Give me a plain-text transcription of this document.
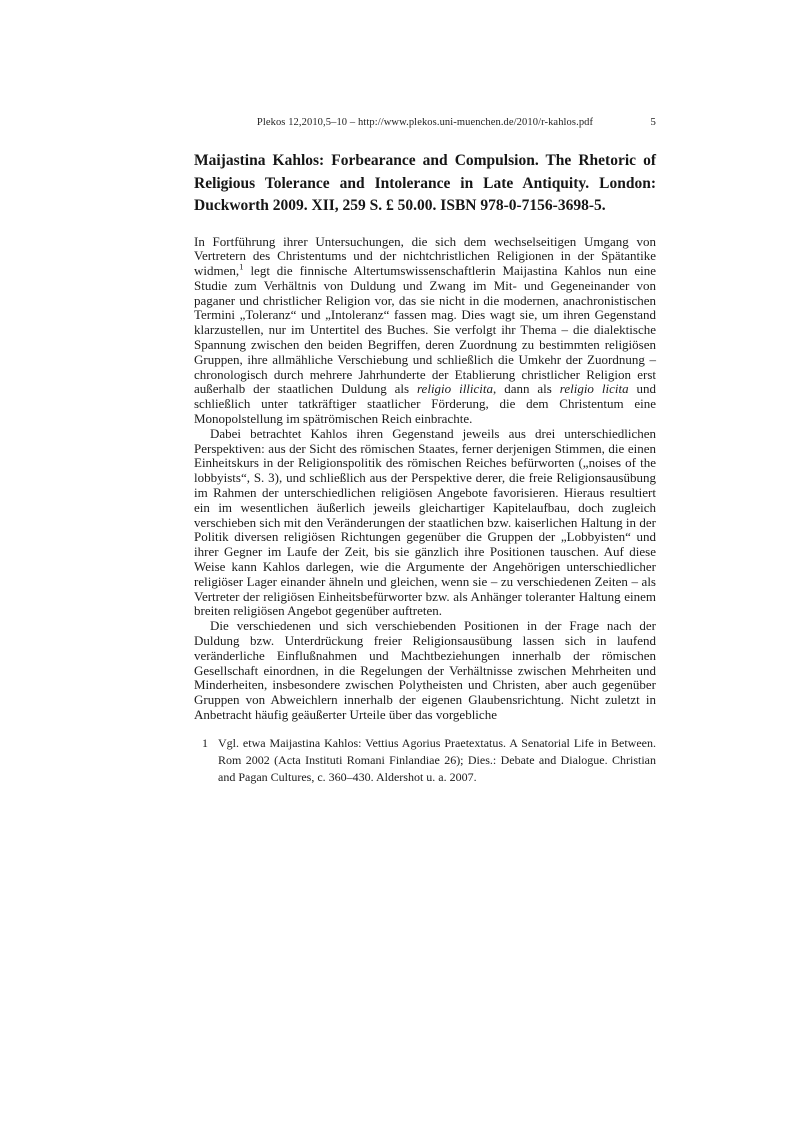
Plekos 12,2010,5–10 – http://www.plekos.uni-muenchen.de/2010/r-kahlos.pdf	5
Maijastina Kahlos: Forbearance and Compulsion. The Rhetoric of Religious Tolerance and Intolerance in Late Antiquity. London: Duckworth 2009. XII, 259 S. £ 50.00. ISBN 978-0-7156-3698-5.

In Fortführung ihrer Untersuchungen, die sich dem wechselseitigen Umgang von Vertretern des Christentums und der nichtchristlichen Religionen in der Spätantike widmen,$^1$ legt die finnische Altertumswissenschaftlerin Maijastina Kahlos nun eine Studie zum Verhältnis von Duldung und Zwang im Mit- und Gegeneinander von paganer und christlicher Religion vor, das sie nicht in die modernen, anachronistischen Termini „Toleranz“ und „Intoleranz“ fassen mag. Dies wagt sie, um ihren Gegenstand klarzustellen, nur im Untertitel des Buches. Sie verfolgt ihr Thema – die dialektische Spannung zwischen den beiden Begriffen, deren Zuordnung zu bestimmten religiösen Gruppen, ihre allmähliche Verschiebung und schließlich die Umkehr der Zuordnung – chronologisch durch mehrere Jahrhunderte der Etablierung christlicher Religion erst außerhalb der staatlichen Duldung als religio illicita, dann als religio licita und schließlich unter tatkräftiger staatlicher Förderung, die dem Christentum eine Monopolstellung im spätrömischen Reich einbrachte.

Dabei betrachtet Kahlos ihren Gegenstand jeweils aus drei unterschiedlichen Perspektiven: aus der Sicht des römischen Staates, ferner derjenigen Stimmen, die einen Einheitskurs in der Religionspolitik des römischen Reiches befürworten („noises of the lobbyists“, S. 3), und schließlich aus der Perspektive derer, die freie Religionsausübung im Rahmen der unterschiedlichen religiösen Angebote favorisieren. Hieraus resultiert ein im wesentlichen äußerlich jeweils gleichartiger Kapitelaufbau, doch zugleich verschieben sich mit den Veränderungen der staatlichen bzw. kaiserlichen Haltung in der Politik diversen religiösen Richtungen gegenüber die Gruppen der „Lobbyisten“ und ihrer Gegner im Laufe der Zeit, bis sie gänzlich ihre Positionen tauschen. Auf diese Weise kann Kahlos darlegen, wie die Argumente der Angehörigen unterschiedlicher religiöser Lager einander ähneln und gleichen, wenn sie – zu verschiedenen Zeiten – als Vertreter der religiösen Einheitsbefürworter bzw. als Anhänger toleranter Haltung einem breiten religiösen Angebot gegenüber auftreten.

Die verschiedenen und sich verschiebenden Positionen in der Frage nach der Duldung bzw. Unterdrückung freier Religionsausübung lassen sich in laufend veränderliche Einflußnahmen und Machtbeziehungen innerhalb der römischen Gesellschaft einordnen, in die Regelungen der Verhältnisse zwischen Mehrheiten und Minderheiten, insbesondere zwischen Polytheisten und Christen, aber auch gegenüber Gruppen von Abweichlern innerhalb der eigenen Glaubensrichtung. Nicht zuletzt in Anbetracht häufig geäußerter Urteile über das vorgebliche

1 Vgl. etwa Maijastina Kahlos: Vettius Agorius Praetextatus. A Senatorial Life in Between. Rom 2002 (Acta Instituti Romani Finlandiae 26); Dies.: Debate and Dialogue. Christian and Pagan Cultures, c. 360–430. Aldershot u. a. 2007.
